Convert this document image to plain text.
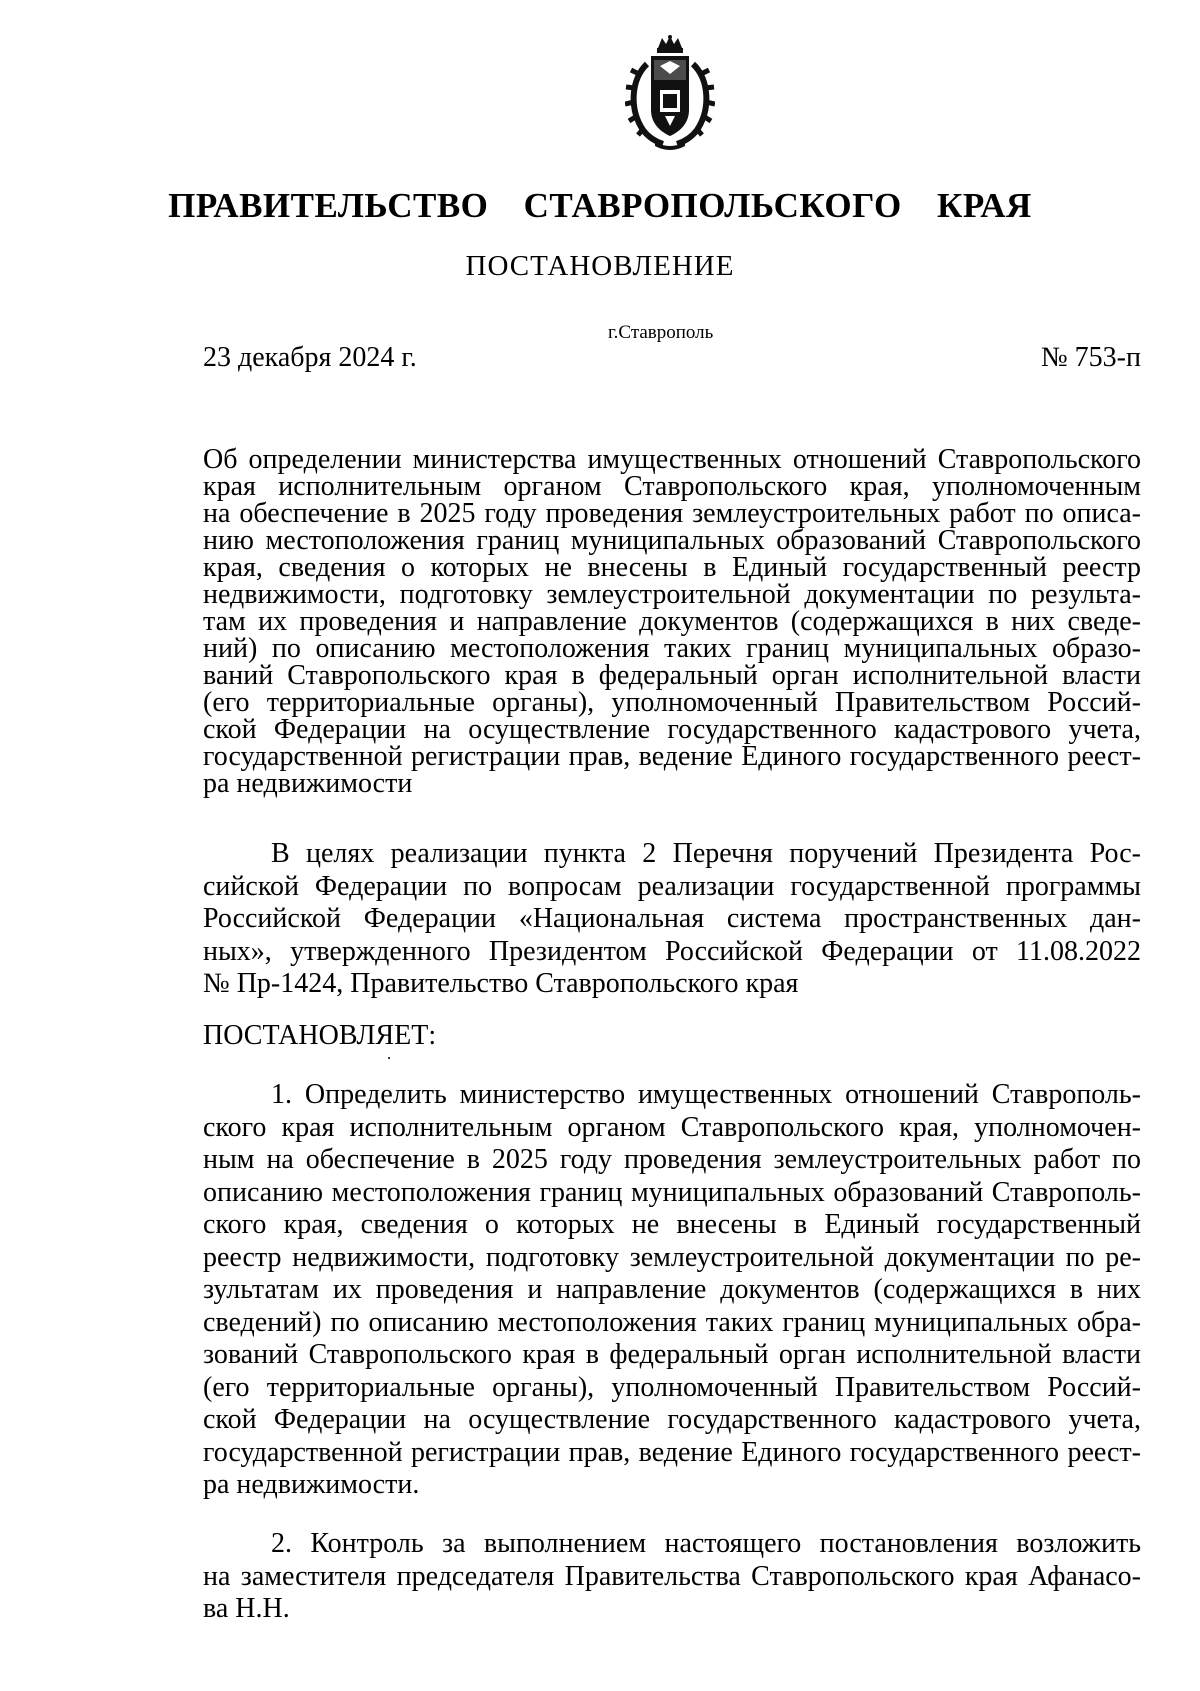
ПРАВИТЕЛЬСТВО СТАВРОПОЛЬСКОГО КРАЯ
ПОСТАНОВЛЕНИЕ
г.Ставрополь
23 декабря 2024 г.	№ 753-п
Об определении министерства имущественных отношений Ставропольского
края исполнительным органом Ставропольского края, уполномоченным
на обеспечение в 2025 году проведения землеустроительных работ по описа-
нию местоположения границ муниципальных образований Ставропольского
края, сведения о которых не внесены в Единый государственный реестр
недвижимости, подготовку землеустроительной документации по результа-
там их проведения и направление документов (содержащихся в них сведе-
ний) по описанию местоположения таких границ муниципальных образо-
ваний Ставропольского края в федеральный орган исполнительной власти
(его территориальные органы), уполномоченный Правительством Россий-
ской Федерации на осуществление государственного кадастрового учета,
государственной регистрации прав, ведение Единого государственного реест-
ра недвижимости
В целях реализации пункта 2 Перечня поручений Президента Рос-
сийской Федерации по вопросам реализации государственной программы
Российской Федерации «Национальная система пространственных дан-
ных», утвержденного Президентом Российской Федерации от 11.08.2022
№ Пр-1424, Правительство Ставропольского края
ПОСТАНОВЛЯЕТ:
1. Определить министерство имущественных отношений Ставрополь-
ского края исполнительным органом Ставропольского края, уполномочен-
ным на обеспечение в 2025 году проведения землеустроительных работ по
описанию местоположения границ муниципальных образований Ставрополь-
ского края, сведения о которых не внесены в Единый государственный
реестр недвижимости, подготовку землеустроительной документации по ре-
зультатам их проведения и направление документов (содержащихся в них
сведений) по описанию местоположения таких границ муниципальных обра-
зований Ставропольского края в федеральный орган исполнительной власти
(его территориальные органы), уполномоченный Правительством Россий-
ской Федерации на осуществление государственного кадастрового учета,
государственной регистрации прав, ведение Единого государственного реест-
ра недвижимости.
2. Контроль за выполнением настоящего постановления возложить
на заместителя председателя Правительства Ставропольского края Афанасо-
ва Н.Н.
